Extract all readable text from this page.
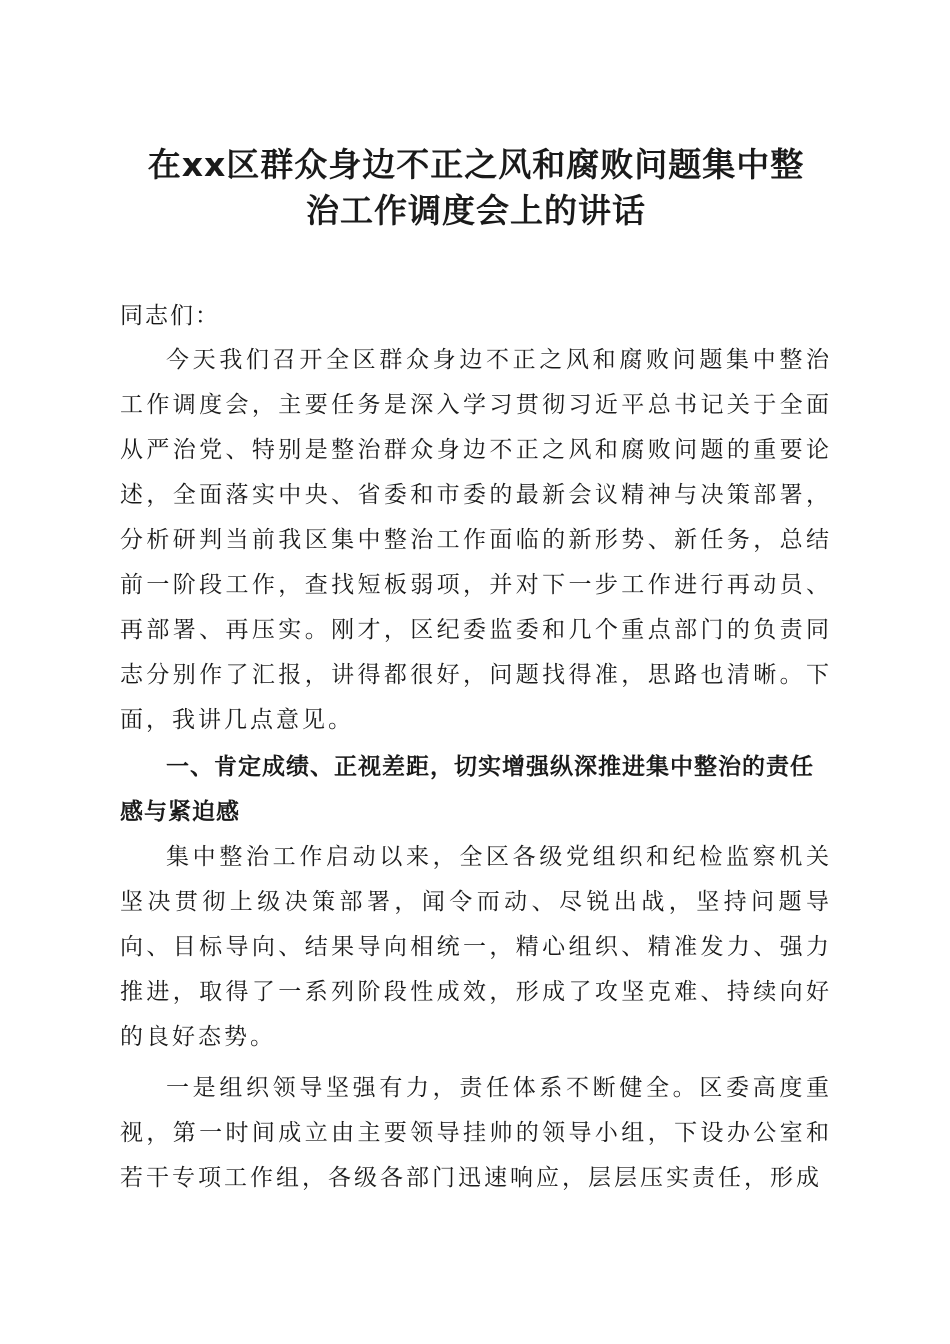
在xx区群众身边不正之风和腐败问题集中整
治工作调度会上的讲话
同志们：

今天我们召开全区群众身边不正之风和腐败问题集中整治工作调度会，主要任务是深入学习贯彻习近平总书记关于全面从严治党、特别是整治群众身边不正之风和腐败问题的重要论述，全面落实中央、省委和市委的最新会议精神与决策部署，分析研判当前我区集中整治工作面临的新形势、新任务，总结前一阶段工作，查找短板弱项，并对下一步工作进行再动员、再部署、再压实。刚才，区纪委监委和几个重点部门的负责同志分别作了汇报，讲得都很好，问题找得准，思路也清晰。下面，我讲几点意见。

一、肯定成绩、正视差距，切实增强纵深推进集中整治的责任感与紧迫感

集中整治工作启动以来，全区各级党组织和纪检监察机关坚决贯彻上级决策部署，闻令而动、尽锐出战，坚持问题导向、目标导向、结果导向相统一，精心组织、精准发力、强力推进，取得了一系列阶段性成效，形成了攻坚克难、持续向好的良好态势。

一是组织领导坚强有力，责任体系不断健全。区委高度重视，第一时间成立由主要领导挂帅的领导小组，下设办公室和若干专项工作组，各级各部门迅速响应，层层压实责任，形成
